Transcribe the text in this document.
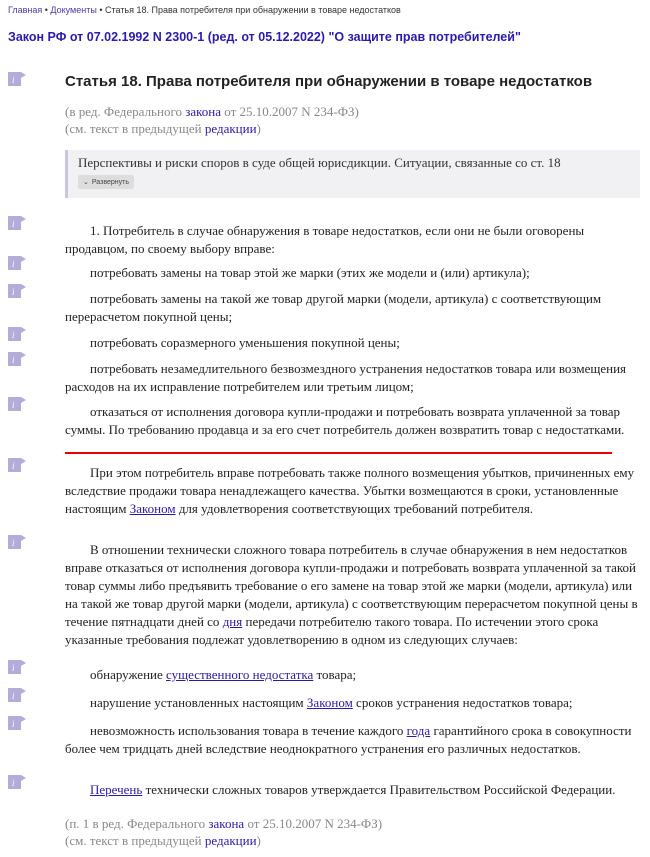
Главная • Документы • Статья 18. Права потребителя при обнаружении в товаре недостатков
Закон РФ от 07.02.1992 N 2300-1 (ред. от 05.12.2022) "О защите прав потребителей"
i
i
i
i
i
i
i
i
i
i
i
i
i
Статья 18. Права потребителя при обнаружении в товаре недостатков
(в ред. Федерального закона от 25.10.2007 N 234-ФЗ)
(см. текст в предыдущей редакции)
Перспективы и риски споров в суде общей юрисдикции. Ситуации, связанные со ст. 18
⌄ Развернуть
1. Потребитель в случае обнаружения в товаре недостатков, если они не были оговорены продавцом, по своему выбору вправе:
потребовать замены на товар этой же марки (этих же модели и (или) артикула);
потребовать замены на такой же товар другой марки (модели, артикула) с соответствующим перерасчетом покупной цены;
потребовать соразмерного уменьшения покупной цены;
потребовать незамедлительного безвозмездного устранения недостатков товара или возмещения расходов на их исправление потребителем или третьим лицом;
отказаться от исполнения договора купли-продажи и потребовать возврата уплаченной за товар суммы. По требованию продавца и за его счет потребитель должен возвратить товар с недостатками.
При этом потребитель вправе потребовать также полного возмещения убытков, причиненных ему вследствие продажи товара ненадлежащего качества. Убытки возмещаются в сроки, установленные настоящим Законом для удовлетворения соответствующих требований потребителя.
В отношении технически сложного товара потребитель в случае обнаружения в нем недостатков вправе отказаться от исполнения договора купли-продажи и потребовать возврата уплаченной за такой товар суммы либо предъявить требование о его замене на товар этой же марки (модели, артикула) или на такой же товар другой марки (модели, артикула) с соответствующим перерасчетом покупной цены в течение пятнадцати дней со дня передачи потребителю такого товара. По истечении этого срока указанные требования подлежат удовлетворению в одном из следующих случаев:
обнаружение существенного недостатка товара;
нарушение установленных настоящим Законом сроков устранения недостатков товара;
невозможность использования товара в течение каждого года гарантийного срока в совокупности более чем тридцать дней вследствие неоднократного устранения его различных недостатков.
Перечень технически сложных товаров утверждается Правительством Российской Федерации.
(п. 1 в ред. Федерального закона от 25.10.2007 N 234-ФЗ)
(см. текст в предыдущей редакции)
